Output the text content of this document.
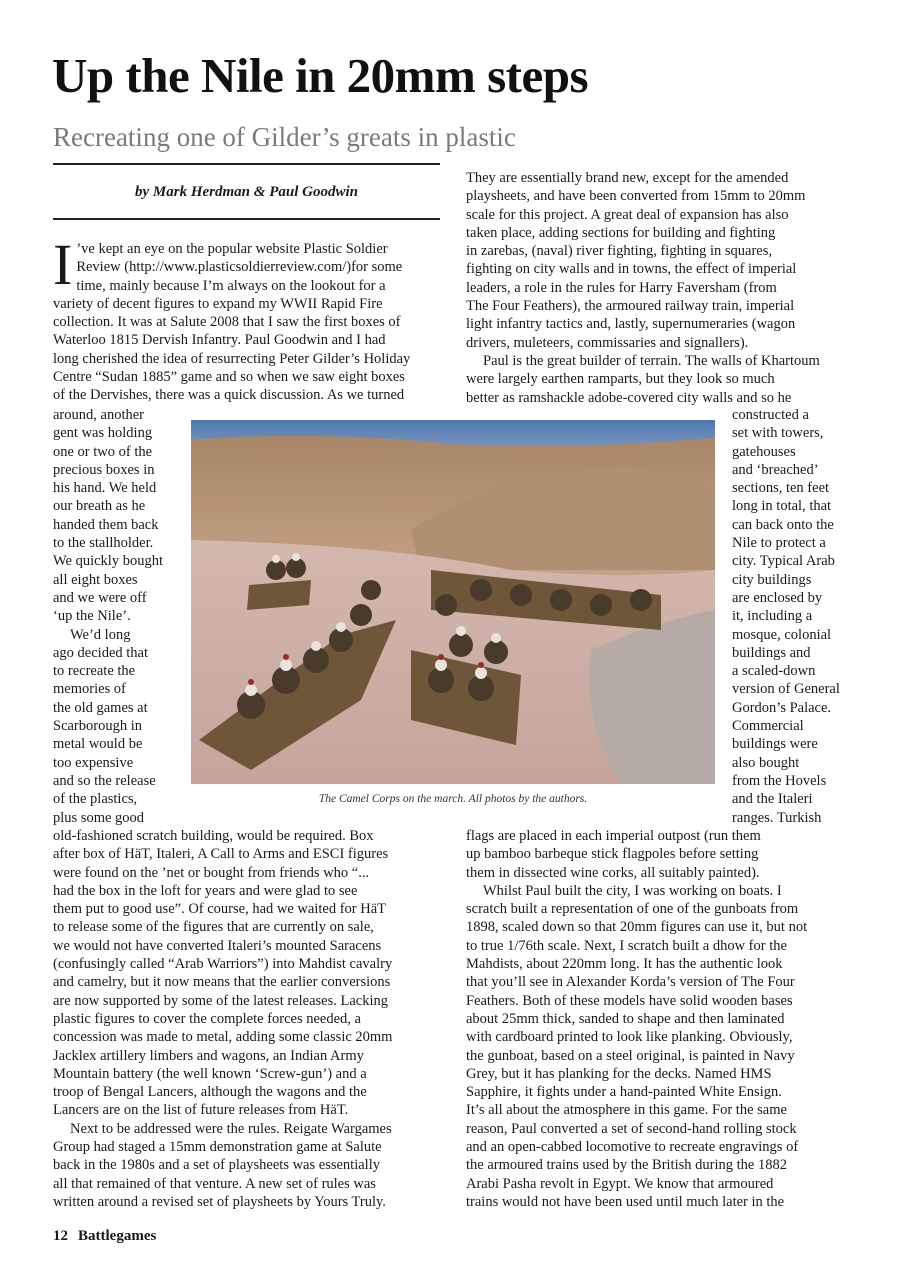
Up the Nile in 20mm steps
Recreating one of Gilder’s greats in plastic
by Mark Herdman & Paul Goodwin
I ’ve kept an eye on the popular website Plastic Soldier
Review (http://www.plasticsoldierreview.com/)for some
time, mainly because I’m always on the lookout for a
variety of decent figures to expand my WWII Rapid Fire
collection. It was at Salute 2008 that I saw the first boxes of
Waterloo 1815 Dervish Infantry. Paul Goodwin and I had
long cherished the idea of resurrecting Peter Gilder’s Holiday
Centre “Sudan 1885” game and so when we saw eight boxes
of the Dervishes, there was a quick discussion. As we turned
around, another
gent was holding
one or two of the
precious boxes in
his hand. We held
our breath as he
handed them back
to the stallholder.
We quickly bought
all eight boxes
and we were off
‘up the Nile’.
We’d long
ago decided that
to recreate the
memories of
the old games at
Scarborough in
metal would be
too expensive
and so the release
of the plastics,
plus some good
old-fashioned scratch building, would be required. Box
after box of HäT, Italeri, A Call to Arms and ESCI figures
were found on the ’net or bought from friends who “...
had the box in the loft for years and were glad to see
them put to good use”. Of course, had we waited for HäT
to release some of the figures that are currently on sale,
we would not have converted Italeri’s mounted Saracens
(confusingly called “Arab Warriors”) into Mahdist cavalry
and camelry, but it now means that the earlier conversions
are now supported by some of the latest releases. Lacking
plastic figures to cover the complete forces needed, a
concession was made to metal, adding some classic 20mm
Jacklex artillery limbers and wagons, an Indian Army
Mountain battery (the well known ‘Screw-gun’) and a
troop of Bengal Lancers, although the wagons and the
Lancers are on the list of future releases from HäT.
Next to be addressed were the rules. Reigate Wargames
Group had staged a 15mm demonstration game at Salute
back in the 1980s and a set of playsheets was essentially
all that remained of that venture. A new set of rules was
written around a revised set of playsheets by Yours Truly.
They are essentially brand new, except for the amended
playsheets, and have been converted from 15mm to 20mm
scale for this project. A great deal of expansion has also
taken place, adding sections for building and fighting
in zarebas, (naval) river fighting, fighting in squares,
fighting on city walls and in towns, the effect of imperial
leaders, a role in the rules for Harry Faversham (from
The Four Feathers), the armoured railway train, imperial
light infantry tactics and, lastly, supernumeraries (wagon
drivers, muleteers, commissaries and signallers).
Paul is the great builder of terrain. The walls of Khartoum
were largely earthen ramparts, but they look so much
better as ramshackle adobe-covered city walls and so he
constructed a
set with towers,
gatehouses
and ‘breached’
sections, ten feet
long in total, that
can back onto the
Nile to protect a
city. Typical Arab
city buildings
are enclosed by
it, including a
mosque, colonial
buildings and
a scaled-down
version of General
Gordon’s Palace.
Commercial
buildings were
also bought
from the Hovels
and the Italeri
ranges. Turkish
flags are placed in each imperial outpost (run them
up bamboo barbeque stick flagpoles before setting
them in dissected wine corks, all suitably painted).
Whilst Paul built the city, I was working on boats. I
scratch built a representation of one of the gunboats from
1898, scaled down so that 20mm figures can use it, but not
to true 1/76th scale. Next, I scratch built a dhow for the
Mahdists, about 220mm long. It has the authentic look
that you’ll see in Alexander Korda’s version of The Four
Feathers. Both of these models have solid wooden bases
about 25mm thick, sanded to shape and then laminated
with cardboard printed to look like planking. Obviously,
the gunboat, based on a steel original, is painted in Navy
Grey, but it has planking for the decks. Named HMS
Sapphire, it fights under a hand-painted White Ensign.
It’s all about the atmosphere in this game. For the same
reason, Paul converted a set of second-hand rolling stock
and an open-cabbed locomotive to recreate engravings of
the armoured trains used by the British during the 1882
Arabi Pasha revolt in Egypt. We know that armoured
trains would not have been used until much later in the
The Camel Corps on the march. All photos by the authors.
12 Battlegames
